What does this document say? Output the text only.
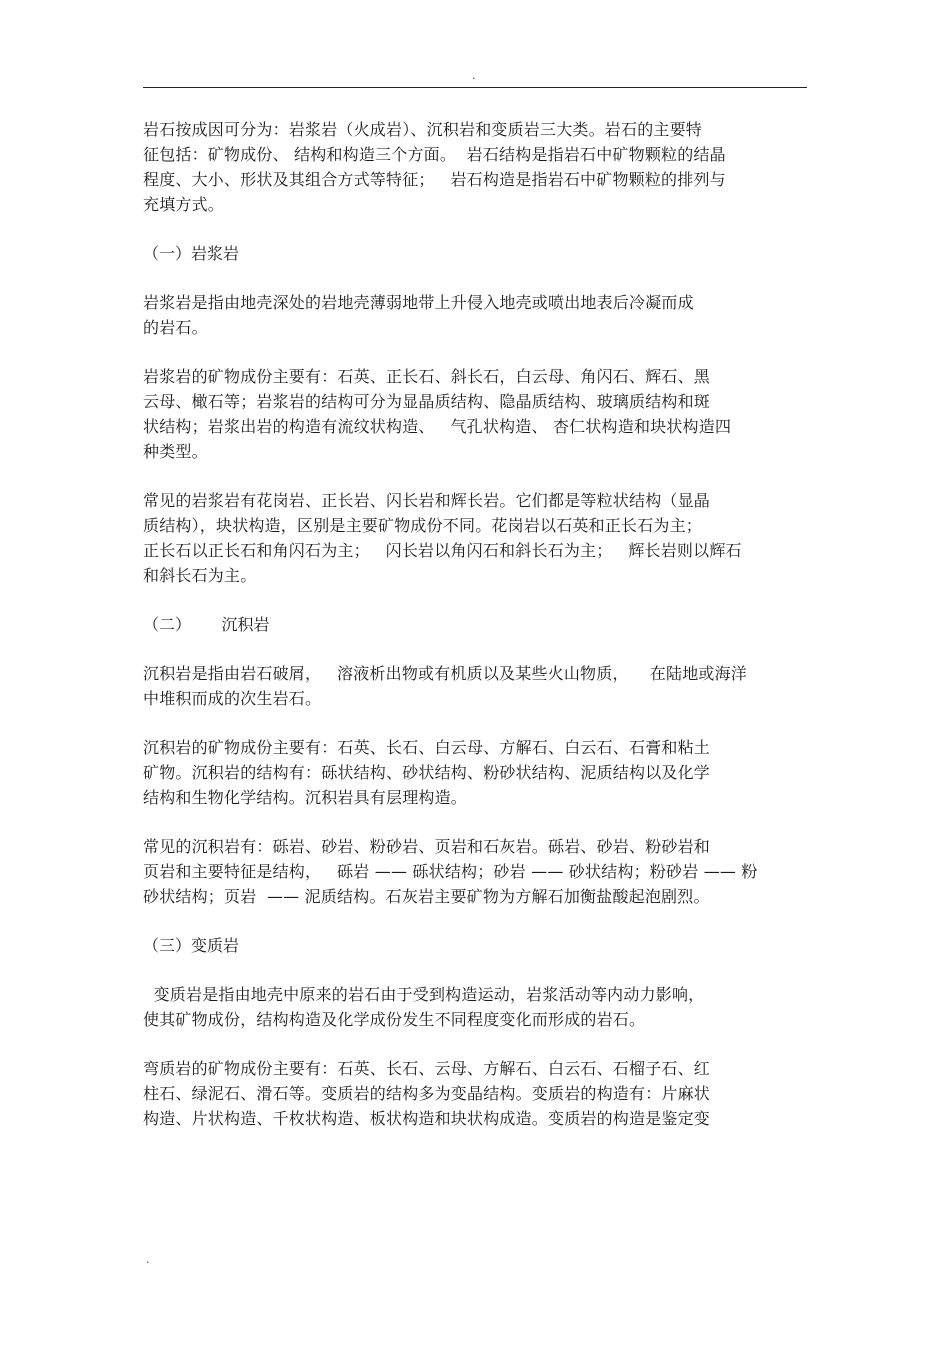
.
岩石按成因可分为：岩浆岩（火成岩）、沉积岩和变质岩三大类。岩石的主要特
征包括：矿物成份、 结构和构造三个方面。  岩石结构是指岩石中矿物颗粒的结晶
程度、大小、形状及其组合方式等特征；   岩石构造是指岩石中矿物颗粒的排列与
充填方式。
（一）岩浆岩
岩浆岩是指由地壳深处的岩地壳薄弱地带上升侵入地壳或喷出地表后冷凝而成
的岩石。
岩浆岩的矿物成份主要有：石英、正长石、斜长石，白云母、角闪石、辉石、黑
云母、橄石等；岩浆岩的结构可分为显晶质结构、隐晶质结构、玻璃质结构和斑
状结构；岩浆出岩的构造有流纹状构造、   气孔状构造、 杏仁状构造和块状构造四
种类型。
常见的岩浆岩有花岗岩、正长岩、闪长岩和辉长岩。它们都是等粒状结构（显晶
质结构），块状构造，区别是主要矿物成份不同。花岗岩以石英和正长石为主；
正长石以正长石和角闪石为主；   闪长岩以角闪石和斜长石为主；   辉长岩则以辉石
和斜长石为主。
（二）      沉积岩
沉积岩是指由岩石破屑，   溶液析出物或有机质以及某些火山物质，    在陆地或海洋
中堆积而成的次生岩石。
沉积岩的矿物成份主要有：石英、长石、白云母、方解石、白云石、石膏和粘土
矿物。沉积岩的结构有：砾状结构、砂状结构、粉砂状结构、泥质结构以及化学
结构和生物化学结构。沉积岩具有层理构造。
常见的沉积岩有：砾岩、砂岩、粉砂岩、页岩和石灰岩。砾岩、砂岩、粉砂岩和
页岩和主要特征是结构，   砾岩 —— 砾状结构；砂岩 —— 砂状结构；粉砂岩 —— 粉
砂状结构；页岩  —— 泥质结构。石灰岩主要矿物为方解石加衡盐酸起泡剧烈。
（三）变质岩
变质岩是指由地壳中原来的岩石由于受到构造运动，岩浆活动等内动力影响，
使其矿物成份，结构构造及化学成份发生不同程度变化而形成的岩石。
弯质岩的矿物成份主要有：石英、长石、云母、方解石、白云石、石榴子石、红
柱石、绿泥石、滑石等。变质岩的结构多为变晶结构。变质岩的构造有：片麻状
构造、片状构造、千枚状构造、板状构造和块状构成造。变质岩的构造是鉴定变
.
